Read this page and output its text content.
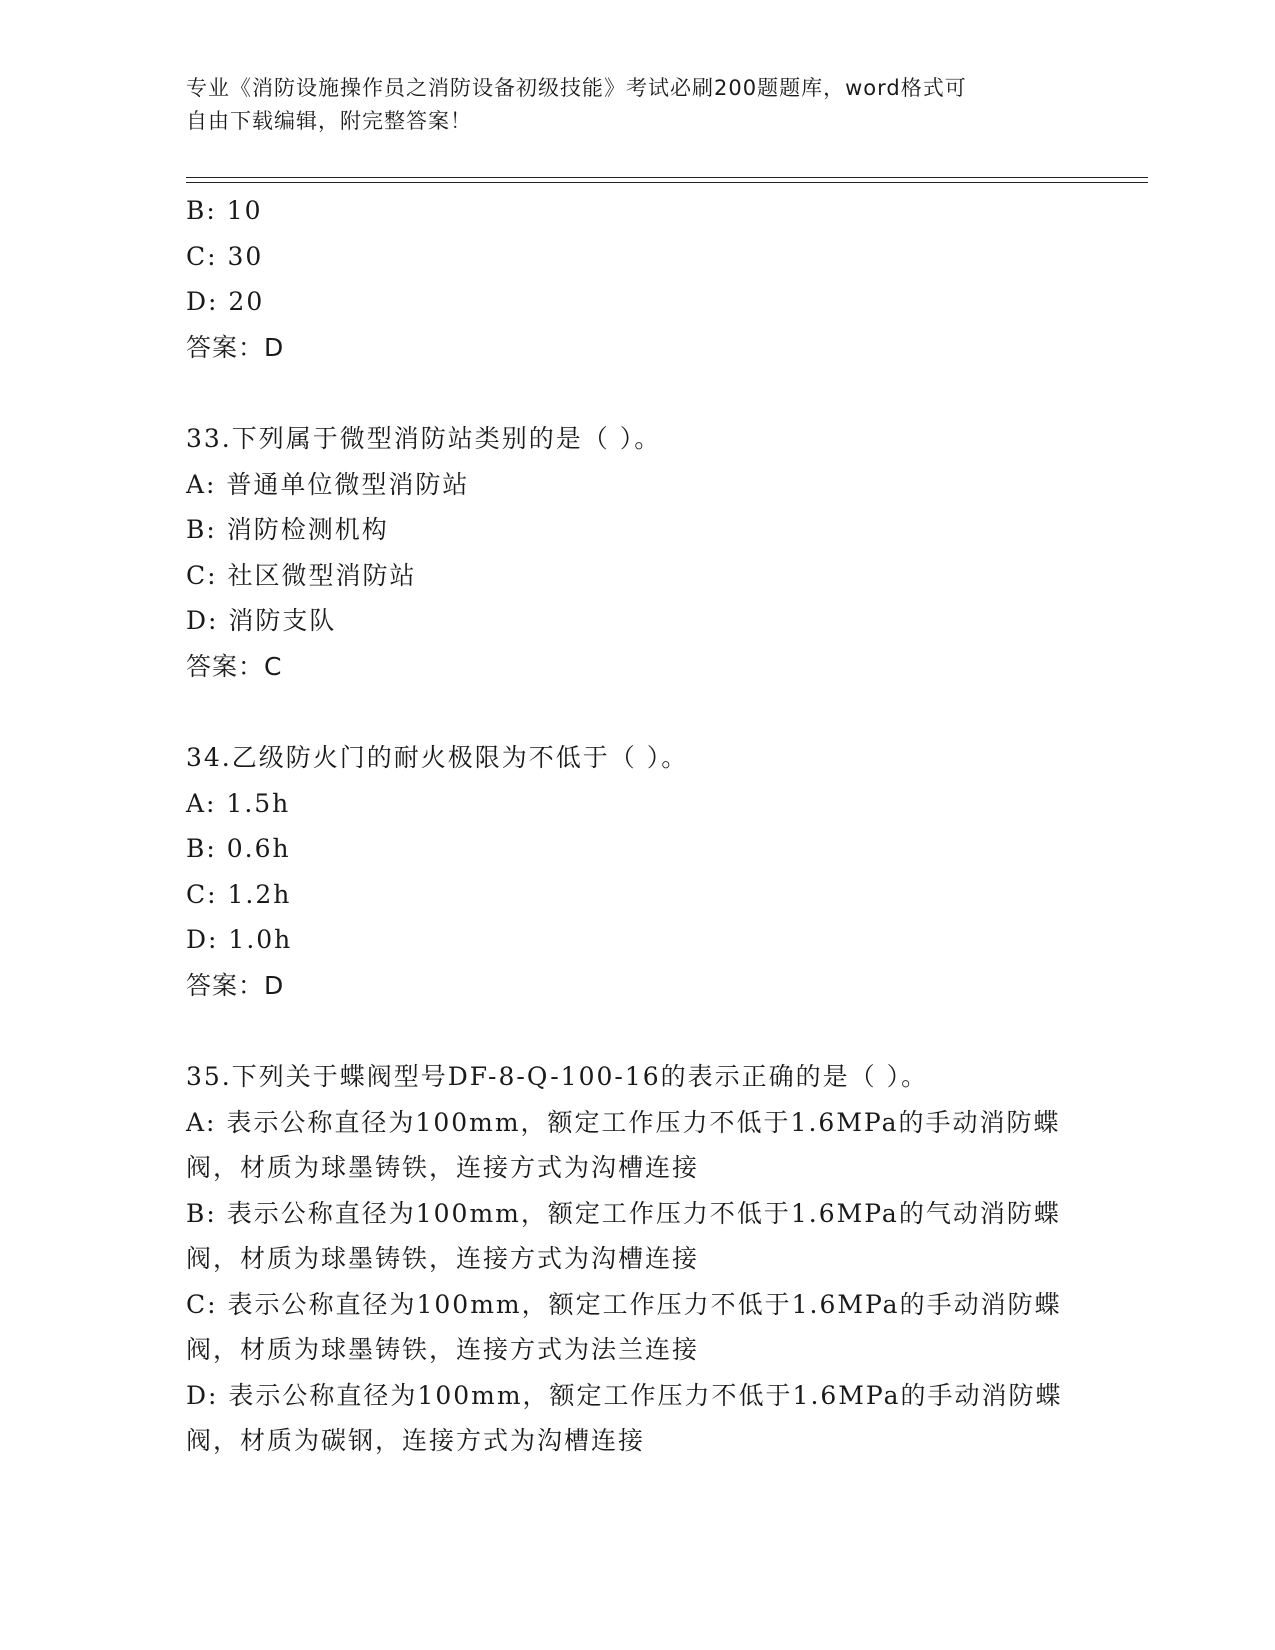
专业《消防设施操作员之消防设备初级技能》考试必刷200题题库，word格式可
自由下载编辑，附完整答案！
B: 10
C: 30
D: 20
答案：D
33.下列属于微型消防站类别的是（ ）。
A: 普通单位微型消防站
B: 消防检测机构
C: 社区微型消防站
D: 消防支队
答案：C
34.乙级防火门的耐火极限为不低于（ ）。
A: 1.5h
B: 0.6h
C: 1.2h
D: 1.0h
答案：D
35.下列关于蝶阀型号DF-8-Q-100-16的表示正确的是（ ）。
A: 表示公称直径为100mm，额定工作压力不低于1.6MPa的手动消防蝶
阀，材质为球墨铸铁，连接方式为沟槽连接
B: 表示公称直径为100mm，额定工作压力不低于1.6MPa的气动消防蝶
阀，材质为球墨铸铁，连接方式为沟槽连接
C: 表示公称直径为100mm，额定工作压力不低于1.6MPa的手动消防蝶
阀，材质为球墨铸铁，连接方式为法兰连接
D: 表示公称直径为100mm，额定工作压力不低于1.6MPa的手动消防蝶
阀，材质为碳钢，连接方式为沟槽连接
